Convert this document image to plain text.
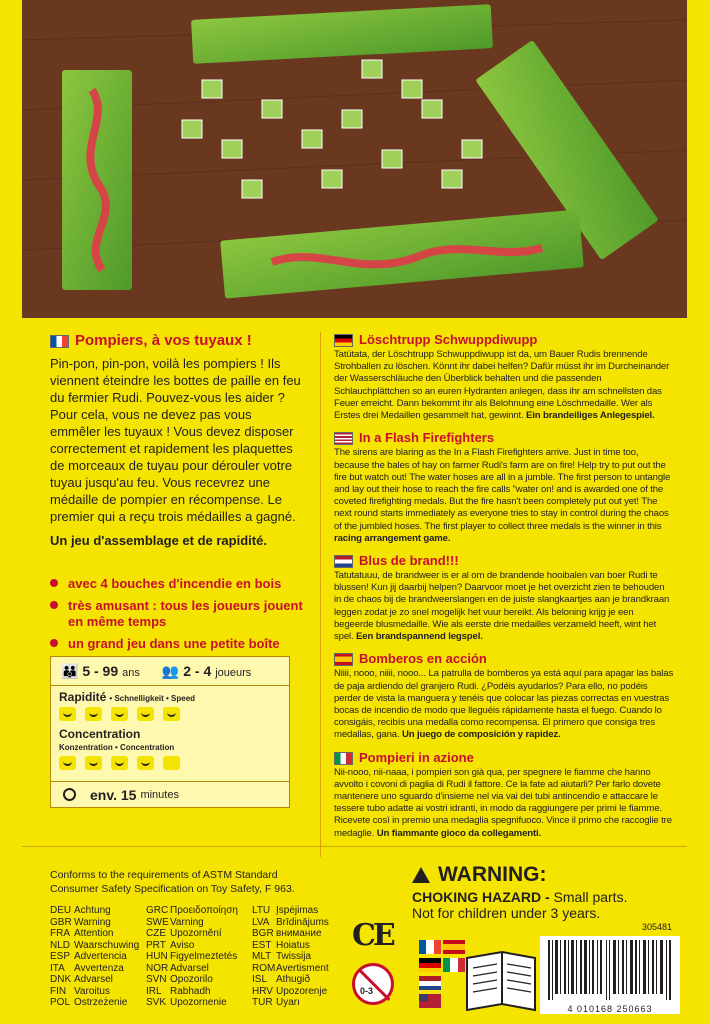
Pompiers, à vos tuyaux !

Pin-pon, pin-pon, voilà les pompiers ! Ils viennent éteindre les bottes de paille en feu du fermier Rudi. Pouvez-vous les aider ? Pour cela, vous ne devez pas vous emmêler les tuyaux ! Vous devez disposer correctement et rapidement les plaquettes de morceaux de tuyau pour dérouler votre tuyau jusqu'au feu. Vous recevrez une médaille de pompier en récompense. Le premier qui a reçu trois médailles a gagné.

Un jeu d'assemblage et de rapidité.

avec 4 bouches d'incendie en bois
très amusant : tous les joueurs jouent en même temps
un grand jeu dans une petite boîte
👪 5 - 99 ans 👥 2 - 4 joueurs
Rapidité • Schnelligkeit • Speed
Concentration
Konzentration • Concentration
env.
15 minutes
Löschtrupp Schwuppdiwupp

Tatütata, der Löschtrupp Schwuppdiwupp ist da, um Bauer Rudis brennende Strohballen zu löschen. Könnt ihr dabei helfen? Dafür müsst ihr im Durcheinander der Wasserschläuche den Überblick behalten und die passenden Schlauchplättchen so an euren Hydranten anlegen, dass ihr am schnellsten das Feuer erreicht. Dann bekommt ihr als Belohnung eine Löschmedaille. Wer als Erstes drei Medaillen gesammelt hat, gewinnt. Ein brandeiliges Anlegespiel.

In a Flash Firefighters

The sirens are blaring as the In a Flash Firefighters arrive. Just in time too, because the bales of hay on farmer Rudi's farm are on fire! Help try to put out the fire but watch out! The water hoses are all in a jumble. The first person to untangle and lay out their hose to reach the fire calls "water on! and is awarded one of the coveted firefighting medals. But the fire hasn't been completely put out yet! The next round starts immediately as everyone tries to stay in control during the chaos of the jumbled hoses. The first player to collect three medals is the winner in this racing arrangement game.

Blus de brand!!!

Tatutatuuu, de brandweer is er al om de brandende hooibalen van boer Rudi te blussen! Kun jij daarbij helpen? Daarvoor moet je het overzicht zien te behouden in de chaos bij de brandweerslangen en de juiste slangkaartjes aan je brandkraan leggen zodat je zo snel mogelijk het vuur bereikt. Als beloning krijg je een begeerde blusmedaille. Wie als eerste drie medailles verzameld heeft, wint het spel. Een brandspannend legspel.

Bomberos en acción

Niiii, nooo, niiii, nooo... La patrulla de bomberos ya está aquí para apagar las balas de paja ardiendo del granjero Rudi. ¿Podéis ayudarlos? Para ello, no podéis perder de vista la manguera y tenéis que colocar las piezas correctas en vuestras bocas de incendio de modo que lleguéis rápidamente hasta el fuego. Cuando lo consigáis, recibís una medalla como recompensa. El primero que consiga tres medallas, gana. Un juego de composición y rapidez.

Pompieri in azione

Nii-nooo, nii-naaa, i pompieri son già qua, per spegnere le fiamme che hanno avvolto i covoni di paglia di Rudi il fattore. Ce la fate ad aiutarli? Per farlo dovete mantenere uno sguardo d'insieme nel via vai dei tubi antincendio e attaccare le tessere tubo adatte ai vostri idranti, in modo da raggiungere per primi le fiamme. Ricevete così in premio una medaglia spegnifuoco. Vince il primo che raccoglie tre medaglie. Un fiammante gioco da collegamenti.

Conforms to the requirements of ASTM Standard Consumer Safety Specification on Toy Safety, F 963.
DEU Achtung
GBR Warning
FRA Attention
NLD Waarschuwing
ESP Advertencia
ITA Avvertenza
DNK Advarsel
FIN Varoitus
POL Ostrzeżenie
GRC Προειδοποίηση
SWEVarning
CZE Upozornění
PRT Aviso
HUN Figyelmeztetés
NOR Advarsel
SVN Opozorilo
IRL Rabhadh
SVK Upozornenie
LTU Įspėjimas
LVA Brīdinājums
BGR внимание
EST Hoiatus
MLT Twissija
ROMAvertisment
ISL Athugið
HRV Upozorenje
TUR Uyarı
CE
0-3
WARNING:
CHOKING HAZARD - Small parts.
Not for children under 3 years.
305481
4 010168 250663
